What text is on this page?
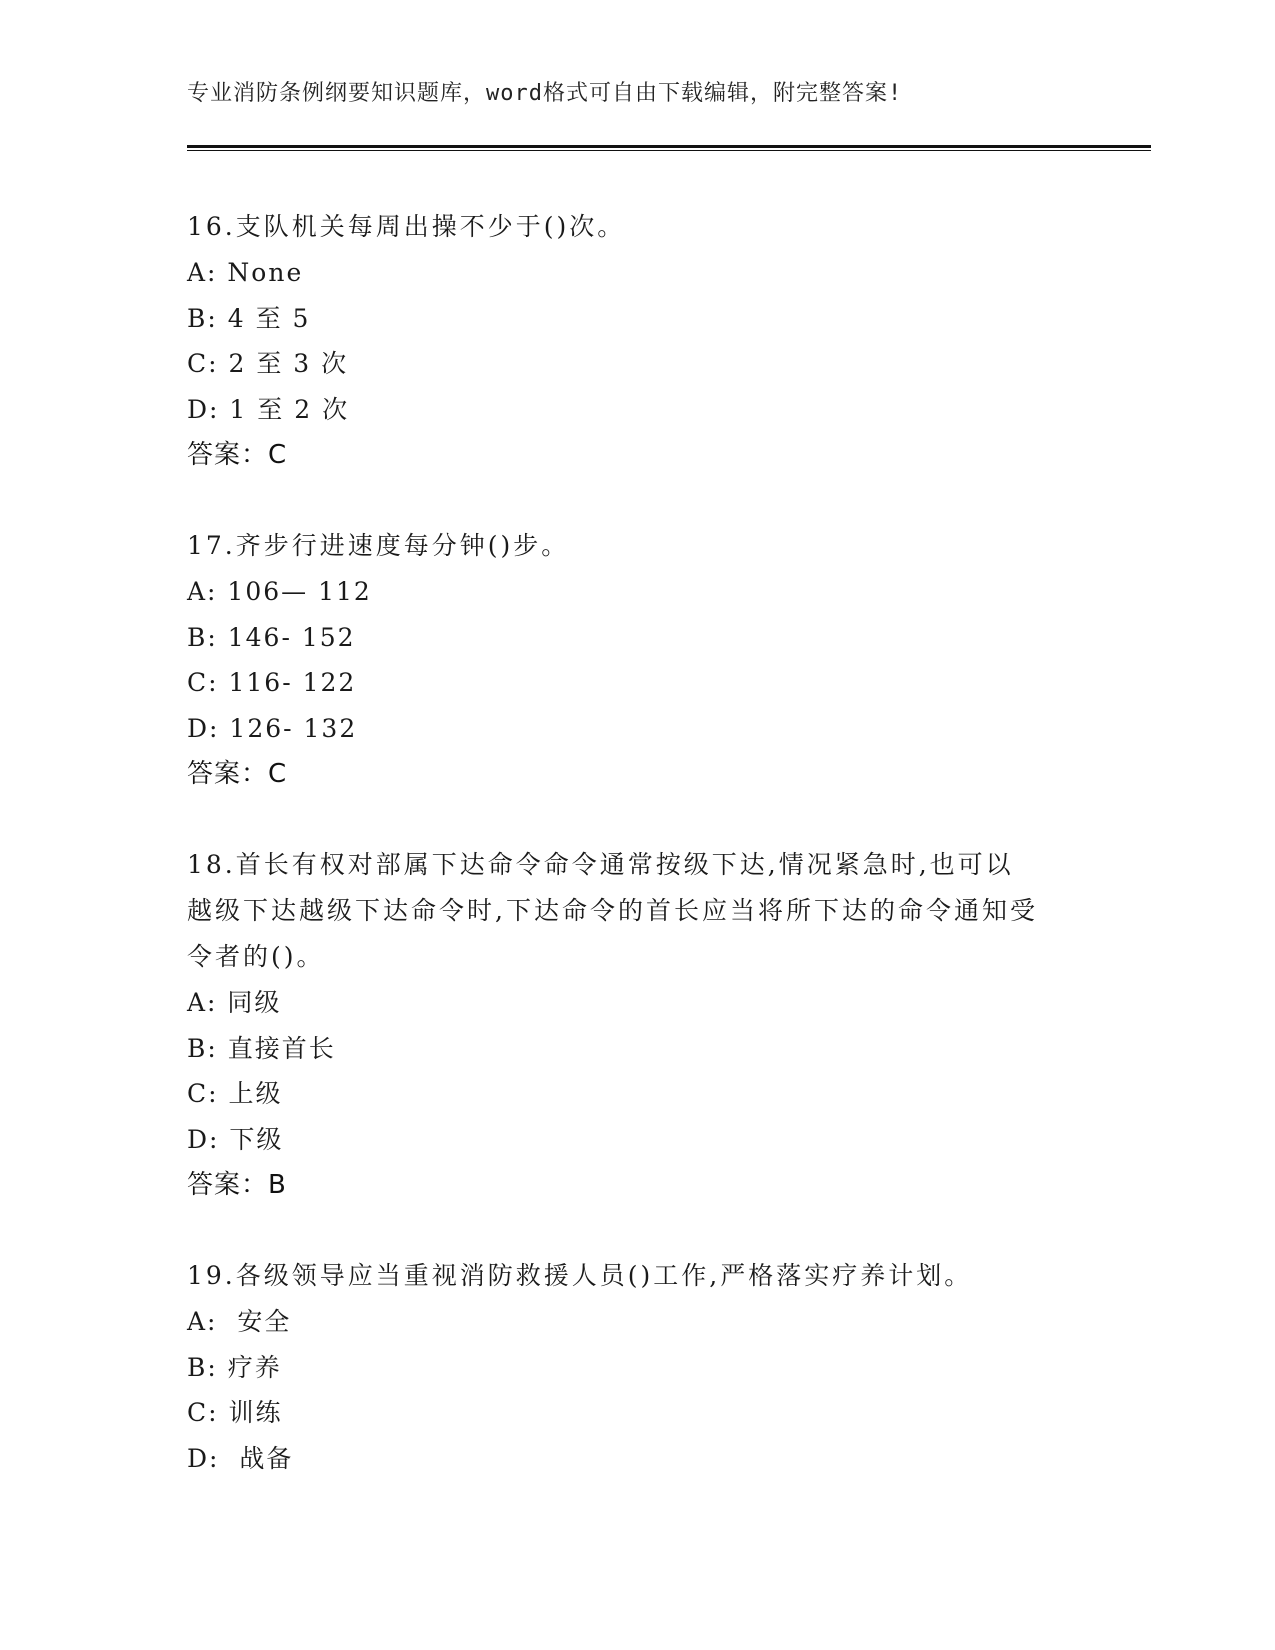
专业消防条例纲要知识题库，word格式可自由下载编辑，附完整答案!

16.支队机关每周出操不少于()次。

A: None

B: 4 至 5

C: 2 至 3 次

D: 1 至 2 次

答案：C

17.齐步行进速度每分钟()步。

A: 106— 112

B: 146- 152

C: 116- 122

D: 126- 132

答案：C

18.首长有权对部属下达命令命令通常按级下达,情况紧急时,也可以

越级下达越级下达命令时,下达命令的首长应当将所下达的命令通知受

令者的()。

A: 同级

B: 直接首长

C: 上级

D: 下级

答案：B

19.各级领导应当重视消防救援人员()工作,严格落实疗养计划。

A:  安全

B: 疗养

C: 训练

D:  战备
